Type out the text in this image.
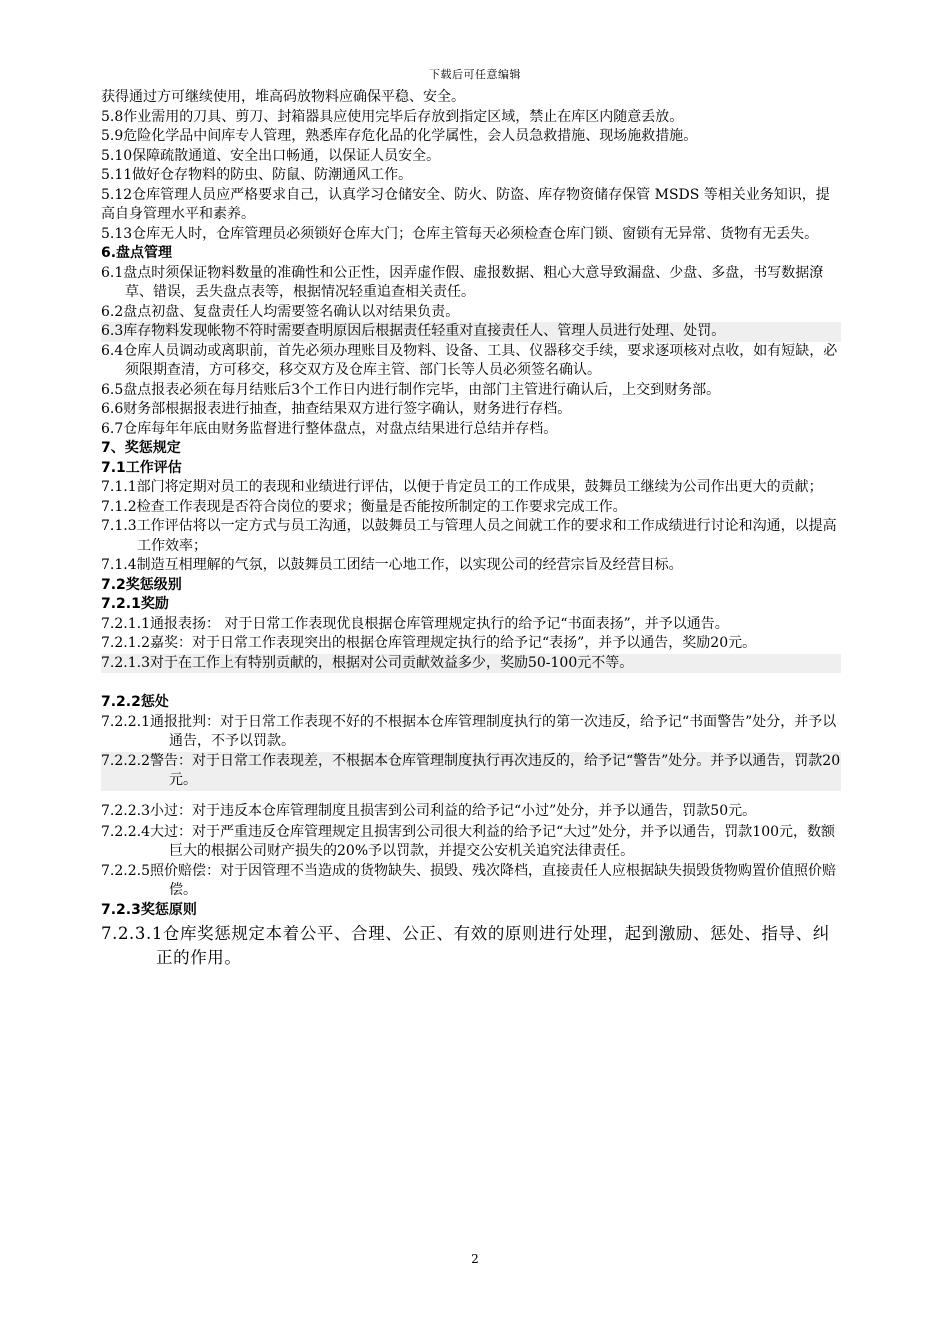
下载后可任意编辑

获得通过方可继续使用，堆高码放物料应确保平稳、安全。

5.8作业需用的刀具、剪刀、封箱器具应使用完毕后存放到指定区域，禁止在库区内随意丢放。

5.9危险化学品中间库专人管理，熟悉库存危化品的化学属性，会人员急救措施、现场施救措施。

5.10保障疏散通道、安全出口畅通，以保证人员安全。

5.11做好仓存物料的防虫、防鼠、防潮通风工作。

5.12仓库管理人员应严格要求自己，认真学习仓储安全、防火、防盗、库存物资储存保管 MSDS 等相关业务知识，提高自身管理水平和素养。

5.13仓库无人时，仓库管理员必须锁好仓库大门；仓库主管每天必须检查仓库门锁、窗锁有无异常、货物有无丢失。

6.盘点管理

6.1盘点时须保证物料数量的准确性和公正性，因弄虚作假、虚报数据、粗心大意导致漏盘、少盘、多盘，书写数据潦草、错误，丢失盘点表等，根据情况轻重追查相关责任。

6.2盘点初盘、复盘责任人均需要签名确认以对结果负责。

6.3库存物料发现帐物不符时需要查明原因后根据责任轻重对直接责任人、管理人员进行处理、处罚。

6.4仓库人员调动或离职前，首先必须办理账目及物料、设备、工具、仪器移交手续，要求逐项核对点收，如有短缺，必须限期查清，方可移交，移交双方及仓库主管、部门长等人员必须签名确认。

6.5盘点报表必须在每月结账后3个工作日内进行制作完毕，由部门主管进行确认后，上交到财务部。

6.6财务部根据报表进行抽查，抽查结果双方进行签字确认，财务进行存档。

6.7仓库每年年底由财务监督进行整体盘点，对盘点结果进行总结并存档。

7、奖惩规定

7.1工作评估

7.1.1部门将定期对员工的表现和业绩进行评估，以便于肯定员工的工作成果，鼓舞员工继续为公司作出更大的贡献；

7.1.2检查工作表现是否符合岗位的要求；衡量是否能按所制定的工作要求完成工作。

7.1.3工作评估将以一定方式与员工沟通，以鼓舞员工与管理人员之间就工作的要求和工作成绩进行讨论和沟通，以提高工作效率；

7.1.4制造互相理解的气氛，以鼓舞员工团结一心地工作，以实现公司的经营宗旨及经营目标。

7.2奖惩级别

7.2.1奖励

7.2.1.1通报表扬： 对于日常工作表现优良根据仓库管理规定执行的给予记“书面表扬”，并予以通告。

7.2.1.2嘉奖：对于日常工作表现突出的根据仓库管理规定执行的给予记“表扬”，并予以通告，奖励20元。

7.2.1.3对于在工作上有特别贡献的，根据对公司贡献效益多少，奖励50-100元不等。

7.2.2惩处

7.2.2.1通报批判：对于日常工作表现不好的不根据本仓库管理制度执行的第一次违反，给予记“书面警告”处分，并予以通告，不予以罚款。

7.2.2.2警告：对于日常工作表现差，不根据本仓库管理制度执行再次违反的，给予记“警告”处分。并予以通告，罚款20元。

7.2.2.3小过：对于违反本仓库管理制度且损害到公司利益的给予记“小过”处分，并予以通告，罚款50元。

7.2.2.4大过：对于严重违反仓库管理规定且损害到公司很大利益的给予记“大过”处分，并予以通告，罚款100元，数额巨大的根据公司财产损失的20%予以罚款，并提交公安机关追究法律责任。

7.2.2.5照价赔偿：对于因管理不当造成的货物缺失、损毁、残次降档，直接责任人应根据缺失损毁货物购置价值照价赔偿。

7.2.3奖惩原则

7.2.3.1仓库奖惩规定本着公平、合理、公正、有效的原则进行处理，起到激励、惩处、指导、纠正的作用。

2
